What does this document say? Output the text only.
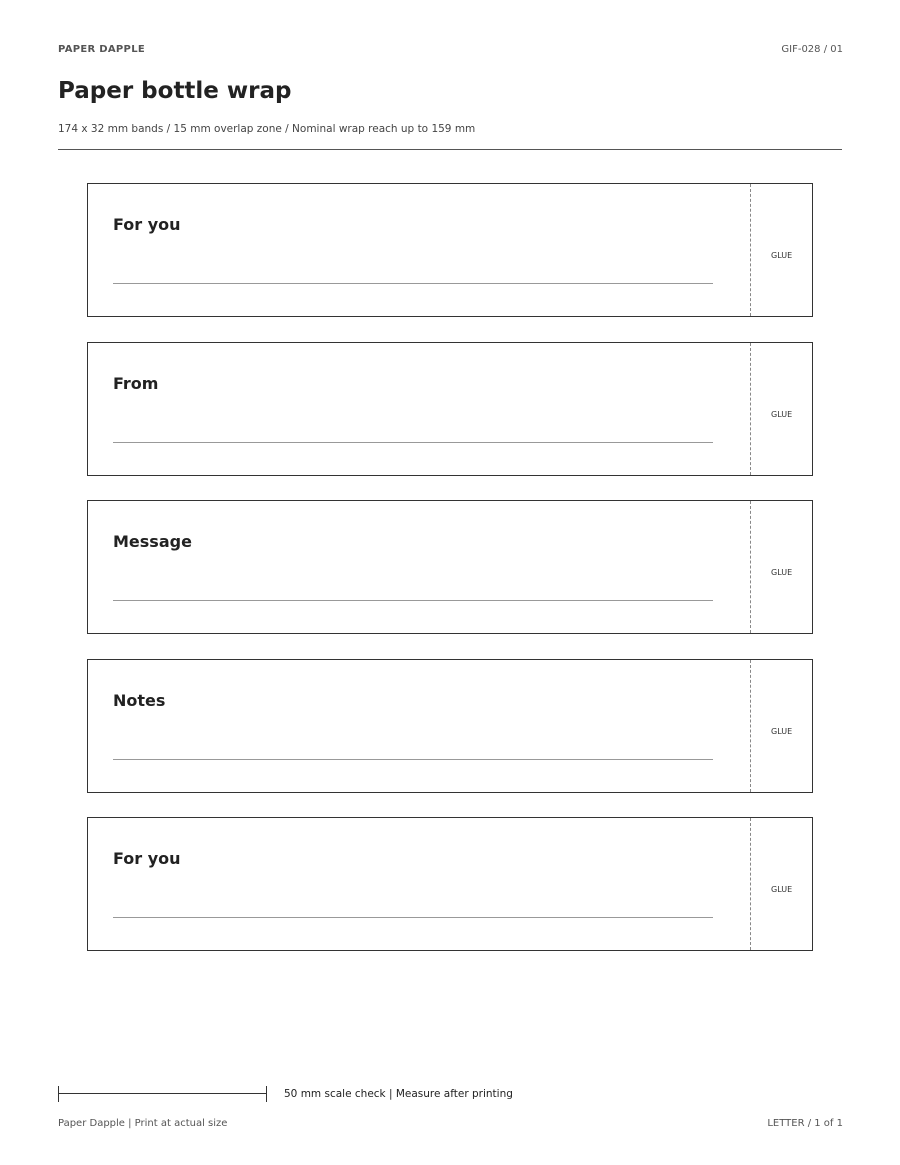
PAPER DAPPLE	GIF-028 / 01
Paper bottle wrap
174 x 32 mm bands / 15 mm overlap zone / Nominal wrap reach up to 159 mm
For you
GLUE
From
GLUE
Message
GLUE
Notes
GLUE
For you
GLUE
50 mm scale check | Measure after printing
Paper Dapple | Print at actual size	LETTER / 1 of 1
